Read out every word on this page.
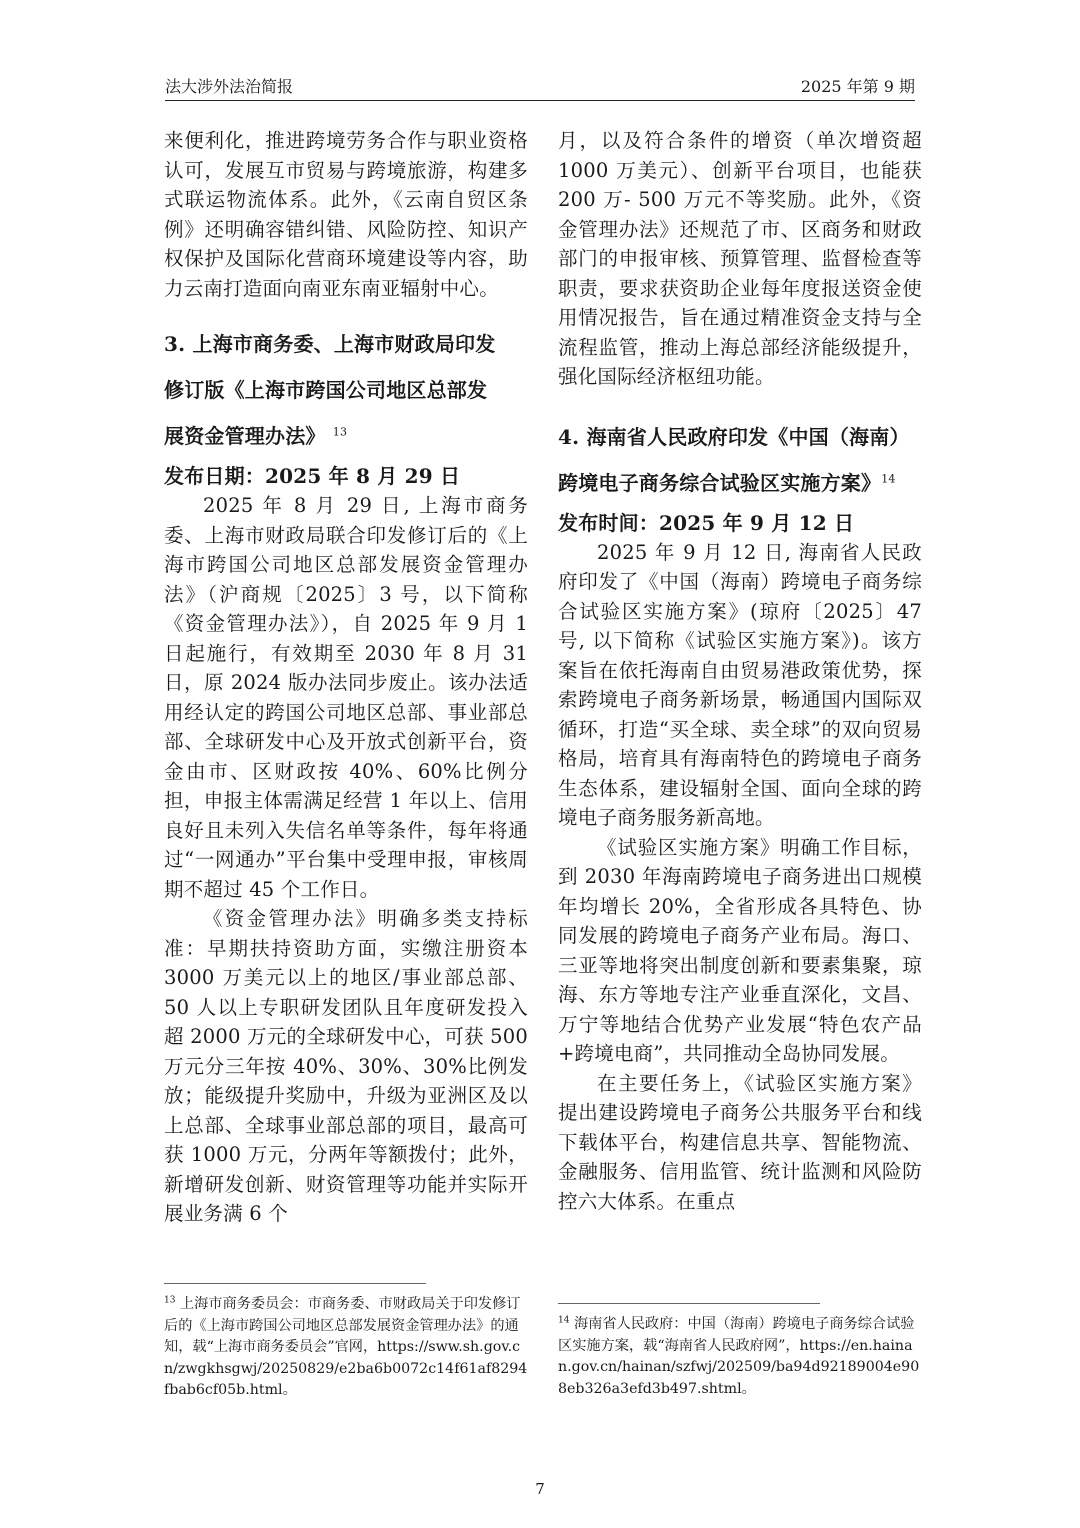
法大涉外法治简报	2025 年第 9 期

来便利化，推进跨境劳务合作与职业资格认可，发展互市贸易与跨境旅游，构建多式联运物流体系。此外，《云南自贸区条例》还明确容错纠错、风险防控、知识产权保护及国际化营商环境建设等内容，助力云南打造面向南亚东南亚辐射中心。

3. 上海市商务委、上海市财政局印发

修订版《上海市跨国公司地区总部发

展资金管理办法》 $^{13}$

发布日期：2025 年 8 月 29 日

2025 年 8 月 29 日, 上海市商务委、上海市财政局联合印发修订后的《上海市跨国公司地区总部发展资金管理办法》（沪商规〔2025〕3 号，以下简称《资金管理办法》），自 2025 年 9 月 1 日起施行，有效期至 2030 年 8 月 31 日，原 2024 版办法同步废止。该办法适用经认定的跨国公司地区总部、事业部总部、全球研发中心及开放式创新平台，资金由市、区财政按 40%、60%比例分担，申报主体需满足经营 1 年以上、信用良好且未列入失信名单等条件，每年将通过“一网通办”平台集中受理申报，审核周期不超过 45 个工作日。

《资金管理办法》明确多类支持标准：早期扶持资助方面，实缴注册资本 3000 万美元以上的地区/事业部总部、50 人以上专职研发团队且年度研发投入超 2000 万元的全球研发中心，可获 500 万元分三年按 40%、30%、30%比例发放；能级提升奖励中，升级为亚洲区及以上总部、全球事业部总部的项目，最高可获 1000 万元，分两年等额拨付；此外，新增研发创新、财资管理等功能并实际开展业务满 6 个

月，以及符合条件的增资（单次增资超 1000 万美元）、创新平台项目，也能获 200 万- 500 万元不等奖励。此外，《资金管理办法》还规范了市、区商务和财政部门的申报审核、预算管理、监督检查等职责，要求获资助企业每年度报送资金使用情况报告，旨在通过精准资金支持与全流程监管，推动上海总部经济能级提升，强化国际经济枢纽功能。

4. 海南省人民政府印发《中国（海南）

跨境电子商务综合试验区实施方案》$^{14}$

发布时间：2025 年 9 月 12 日

2025 年 9 月 12 日, 海南省人民政府印发了《中国（海南）跨境电子商务综合试验区实施方案》(琼府〔2025〕47 号, 以下简称《试验区实施方案》)。该方案旨在依托海南自由贸易港政策优势，探索跨境电子商务新场景，畅通国内国际双循环，打造“买全球、卖全球”的双向贸易格局，培育具有海南特色的跨境电子商务生态体系，建设辐射全国、面向全球的跨境电子商务服务新高地。

《试验区实施方案》明确工作目标，到 2030 年海南跨境电子商务进出口规模年均增长 20%，全省形成各具特色、协同发展的跨境电子商务产业布局。海口、三亚等地将突出制度创新和要素集聚，琼海、东方等地专注产业垂直深化，文昌、万宁等地结合优势产业发展“特色农产品+跨境电商”，共同推动全岛协同发展。

在主要任务上，《试验区实施方案》提出建设跨境电子商务公共服务平台和线下载体平台，构建信息共享、智能物流、金融服务、信用监管、统计监测和风险防控六大体系。在重点

$^{13}$ 上海市商务委员会：市商务委、市财政局关于印发修订后的《上海市跨国公司地区总部发展资金管理办法》的通知，载“上海市商务委员会”官网，https://sww.sh.gov.cn/zwgkhsgwj/20250829/e2ba6b0072c14f61af8294fbab6cf05b.html。
$^{14}$ 海南省人民政府：中国（海南）跨境电子商务综合试验区实施方案，载“海南省人民政府网”，https://en.hainan.gov.cn/hainan/szfwj/202509/ba94d92189004e908eb326a3efd3b497.shtml。
7
